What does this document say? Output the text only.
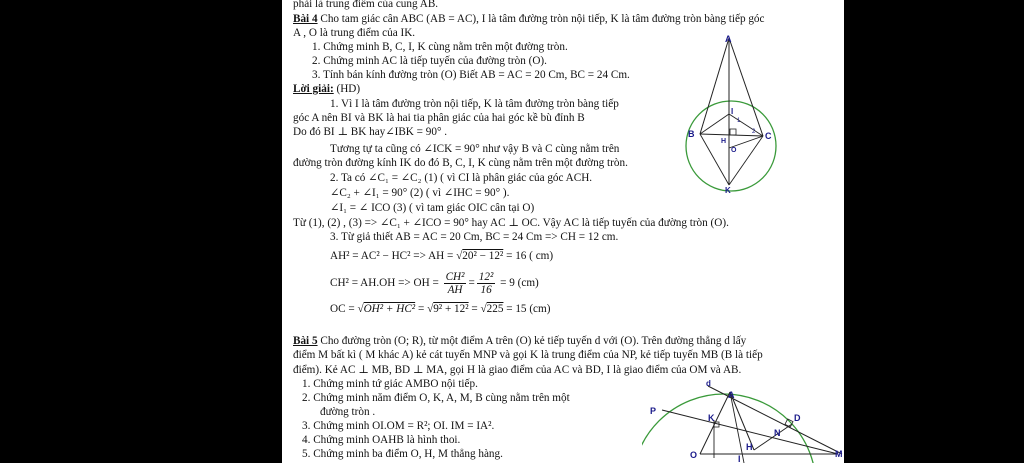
phải là trung điểm của cung AB.
Bài 4 Cho tam giác cân ABC (AB = AC), I là tâm đường tròn nội tiếp, K là tâm đường tròn bàng tiếp góc
A , O là trung điểm của IK.
1. Chứng minh B, C, I, K cùng nằm trên một đường tròn.
2. Chứng minh AC là tiếp tuyến của đường tròn (O).
3. Tính bán kính đường tròn (O) Biết AB = AC = 20 Cm, BC = 24 Cm.
Lời giải: (HD)
1. Vì I là tâm đường tròn nội tiếp, K là tâm đường tròn bàng tiếp
góc A nên BI và BK là hai tia phân giác của hai góc kề bù đỉnh B
Do đó BI ⊥ BK hay∠IBK = 90° .
Tương tự ta cũng có ∠ICK = 90° như vậy B và C cùng nằm trên
đường tròn đường kính IK do đó B, C, I, K cùng nằm trên một đường tròn.
2. Ta có ∠C₁ = ∠C₂ (1) ( vì CI là phân giác của góc ACH.
∠C₂ + ∠I₁ = 90° (2) ( vì ∠IHC = 90° ).
∠I₁ = ∠ ICO (3) ( vì tam giác OIC cân tại O)
Từ (1), (2) , (3) => ∠C₁ + ∠ICO = 90° hay AC ⊥ OC. Vậy AC là tiếp tuyến của đường tròn (O).
3. Từ giả thiết AB = AC = 20 Cm, BC = 24 Cm => CH = 12 cm.
AH² = AC² − HC² => AH = √20² − 12² = 16 ( cm)
CH² = AH.OH => OH = $\frac{\text{CH²}}{AH} = \frac{\text{12²}}{16} = 9$ (cm)
OC = √OH² + HC² = √9² + 12² = √225 = 15 (cm)
Bài 5 Cho đường tròn (O; R), từ một điểm A trên (O) kẻ tiếp tuyến d với (O). Trên đường thẳng d lấy
điểm M bất kì ( M khác A) kẻ cát tuyến MNP và gọi K là trung điểm của NP, kẻ tiếp tuyến MB (B là tiếp
điểm). Kẻ AC ⊥ MB, BD ⊥ MA, gọi H là giao điểm của AC và BD, I là giao điểm của OM và AB.
1. Chứng minh tứ giác AMBO nội tiếp.
2. Chứng minh năm điểm O, K, A, M, B cùng nằm trên một
đường tròn .
3. Chứng minh OI.OM = R²; OI. IM = IA².
4. Chứng minh OAHB là hình thoi.
5. Chứng minh ba điểm O, H, M thẳng hàng.
A
B	C
I
H
O
K
1
2
d
A
P
K	D
N
H
O	I	M
